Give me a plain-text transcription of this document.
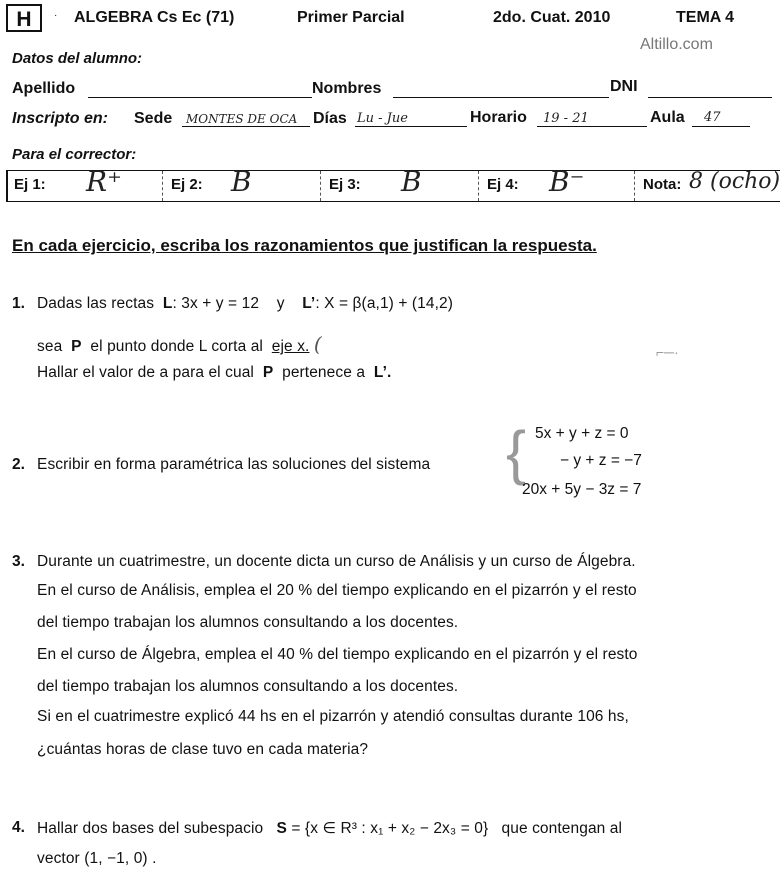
H	· ALGEBRA Cs Ec (71)	Primer Parcial	2do. Cuat. 2010	TEMA 4
Altillo.com
Datos del alumno:
Apellido	Nombres	DNI
Inscripto en: Sede MONTES DE OCA Días Lu - Jue	Horario 19 - 21	Aula 47
Para el corrector:
Ej 1: R⁺	Ej 2: B	Ej 3: B	Ej 4: B⁻	Nota: 8 (ocho)
En cada ejercicio, escriba los razonamientos que justifican la respuesta.
1. Dadas las rectas L: 3x + y = 12 y L’: X = β(a,1) + (14,2)
sea P el punto donde L corta al eje x. (
Hallar el valor de a para el cual P pertenece a L’.
⌐─·
2. Escribir en forma paramétrica las soluciones del sistema { 5x + y + z = 0
− y + z = −7
20x + 5y − 3z = 7
3. Durante un cuatrimestre, un docente dicta un curso de Análisis y un curso de Álgebra.
En el curso de Análisis, emplea el 20 % del tiempo explicando en el pizarrón y el resto
del tiempo trabajan los alumnos consultando a los docentes.
En el curso de Álgebra, emplea el 40 % del tiempo explicando en el pizarrón y el resto
del tiempo trabajan los alumnos consultando a los docentes.
Si en el cuatrimestre explicó 44 hs en el pizarrón y atendió consultas durante 106 hs,
¿cuántas horas de clase tuvo en cada materia?
4. Hallar dos bases del subespacio S = {x ∈ R³ : x₁ + x₂ − 2x₃ = 0} que contengan al
vector (1, −1, 0) .
